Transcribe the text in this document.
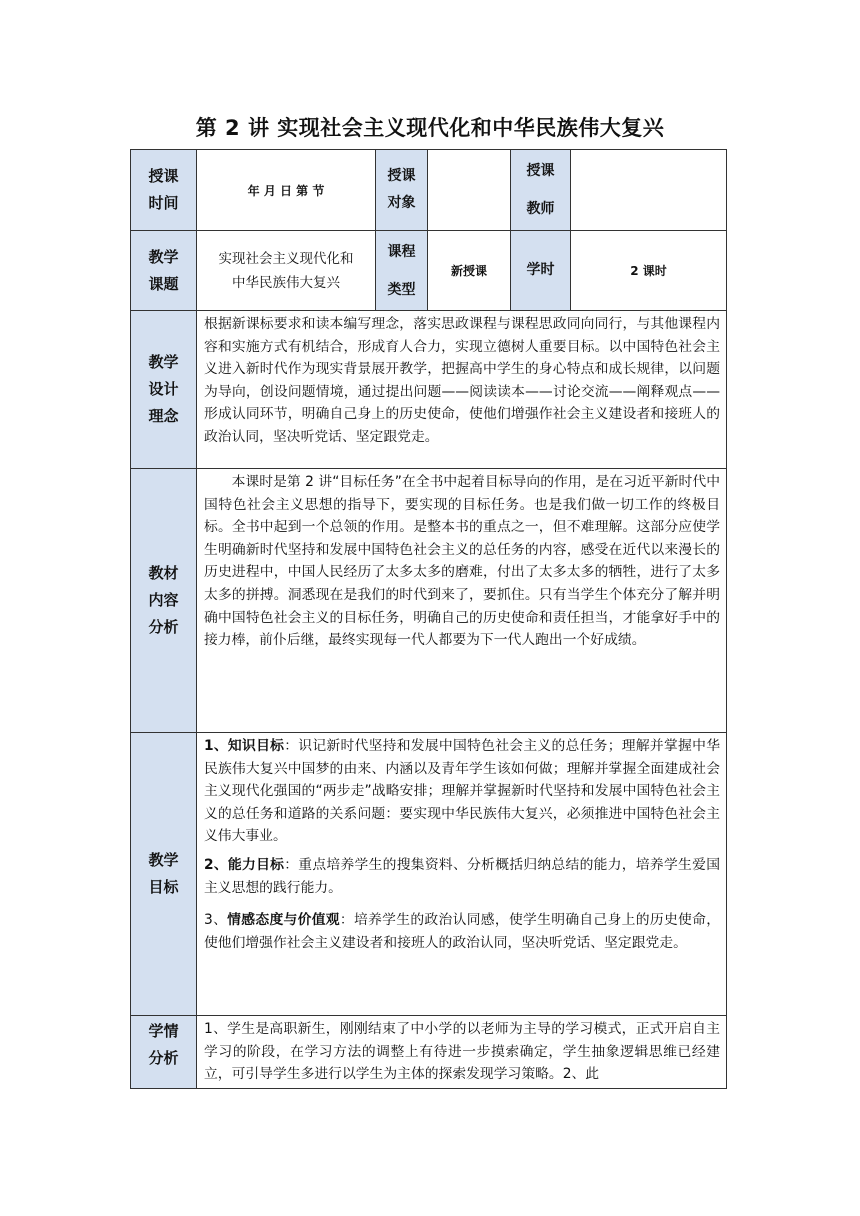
第 2 讲 实现社会主义现代化和中华民族伟大复兴
授课时间	年 月 日 第 节	授课对象		授课教师	

教学课题	实现社会主义现代化和中华民族伟大复兴	课程类型	新授课	学时	2 课时

教学设计理念	根据新课标要求和读本编写理念，落实思政课程与课程思政同向同行，与其他课程内容和实施方式有机结合，形成育人合力，实现立德树人重要目标。以中国特色社会主义进入新时代作为现实背景展开教学，把握高中学生的身心特点和成长规律，以问题为导向，创设问题情境，通过提出问题——阅读读本——讨论交流——阐释观点——形成认同环节，明确自己身上的历史使命，使他们增强作社会主义建设者和接班人的政治认同，坚决听党话、坚定跟党走。				

教材内容分析	本课时是第 2 讲“目标任务”在全书中起着目标导向的作用，是在习近平新时代中国特色社会主义思想的指导下，要实现的目标任务。也是我们做一切工作的终极目标。全书中起到一个总领的作用。是整本书的重点之一，但不难理解。这部分应使学生明确新时代坚持和发展中国特色社会主义的总任务的内容，感受在近代以来漫长的历史进程中，中国人民经历了太多太多的磨难，付出了太多太多的牺牲，进行了太多太多的拼搏。洞悉现在是我们的时代到来了，要抓住。只有当学生个体充分了解并明确中国特色社会主义的目标任务，明确自己的历史使命和责任担当，才能拿好手中的接力棒，前仆后继，最终实现每一代人都要为下一代人跑出一个好成绩。				

教学目标	1、知识目标：识记新时代坚持和发展中国特色社会主义的总任务；理解并掌握中华民族伟大复兴中国梦的由来、内涵以及青年学生该如何做；理解并掌握全面建成社会主义现代化强国的“两步走”战略安排；理解并掌握新时代坚持和发展中国特色社会主义的总任务和道路的关系问题：要实现中华民族伟大复兴，必须推进中国特色社会主义伟大事业。

2、能力目标：重点培养学生的搜集资料、分析概括归纳总结的能力，培养学生爱国主义思想的践行能力。

3、情感态度与价值观：培养学生的政治认同感，使学生明确自己身上的历史使命，使他们增强作社会主义建设者和接班人的政治认同，坚决听党话、坚定跟党走。				

学情分析	1、学生是高职新生，刚刚结束了中小学的以老师为主导的学习模式，正式开启自主学习的阶段，在学习方法的调整上有待进一步摸索确定，学生抽象逻辑思维已经建立，可引导学生多进行以学生为主体的探索发现学习策略。2、此				
